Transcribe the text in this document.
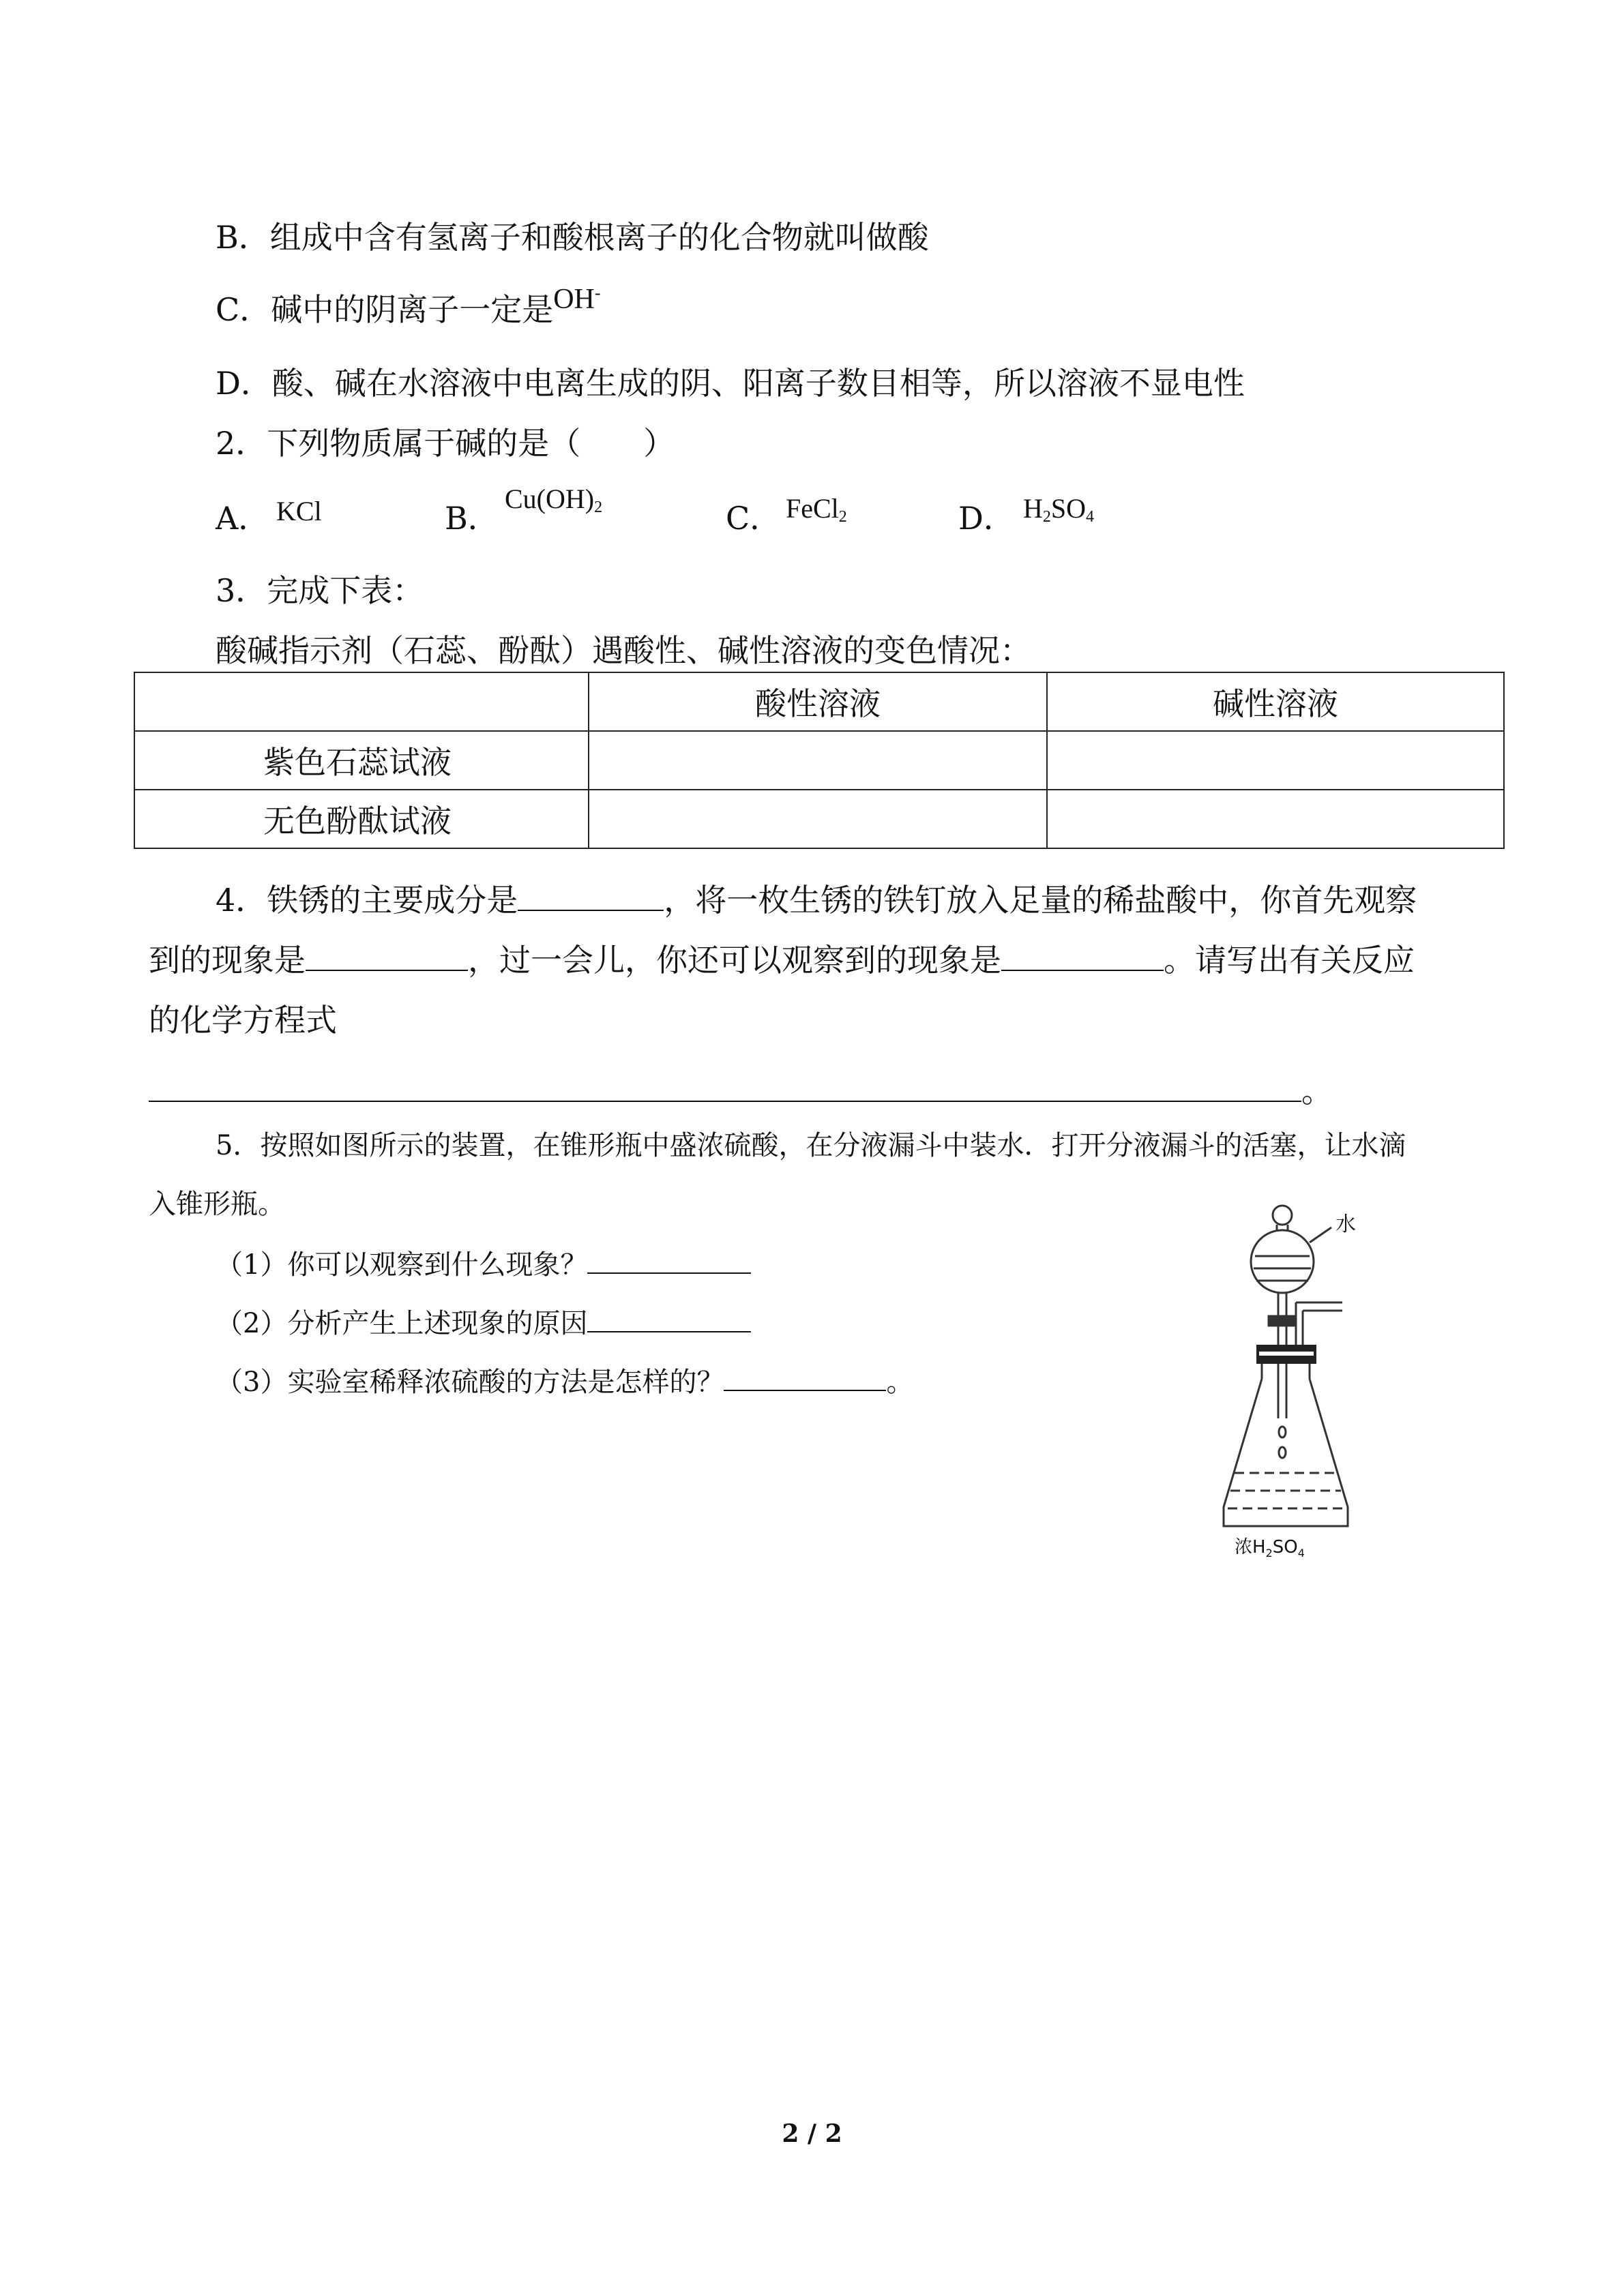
B．组成中含有氢离子和酸根离子的化合物就叫做酸
C．碱中的阴离子一定是OH-
D．酸、碱在水溶液中电离生成的阴、阳离子数目相等，所以溶液不显电性
2．下列物质属于碱的是（　　）
A． KCl	B．
$Cu(OH)_2$	C． FeCl$_2$	D． $H_2SO_4$
3．完成下表：
酸碱指示剂（石蕊、酚酞）遇酸性、碱性溶液的变色情况：
	酸性溶液	碱性溶液
紫色石蕊试液		
无色酚酞试液		
4．铁锈的主要成分是	，将一枚生锈的铁钉放入足量的稀盐酸中，你首先观察
到的现象是	，过一会儿，你还可以观察到的现象是	。请写出有关反应
的化学方程式
。
5．按照如图所示的装置，在锥形瓶中盛浓硫酸，在分液漏斗中装水．打开分液漏斗的活塞，让水滴
入锥形瓶。
（1）你可以观察到什么现象？
（2）分析产生上述现象的原因
（3）实验室稀释浓硫酸的方法是怎样的？	。
水
浓$H_2SO_4$
2 / 2
